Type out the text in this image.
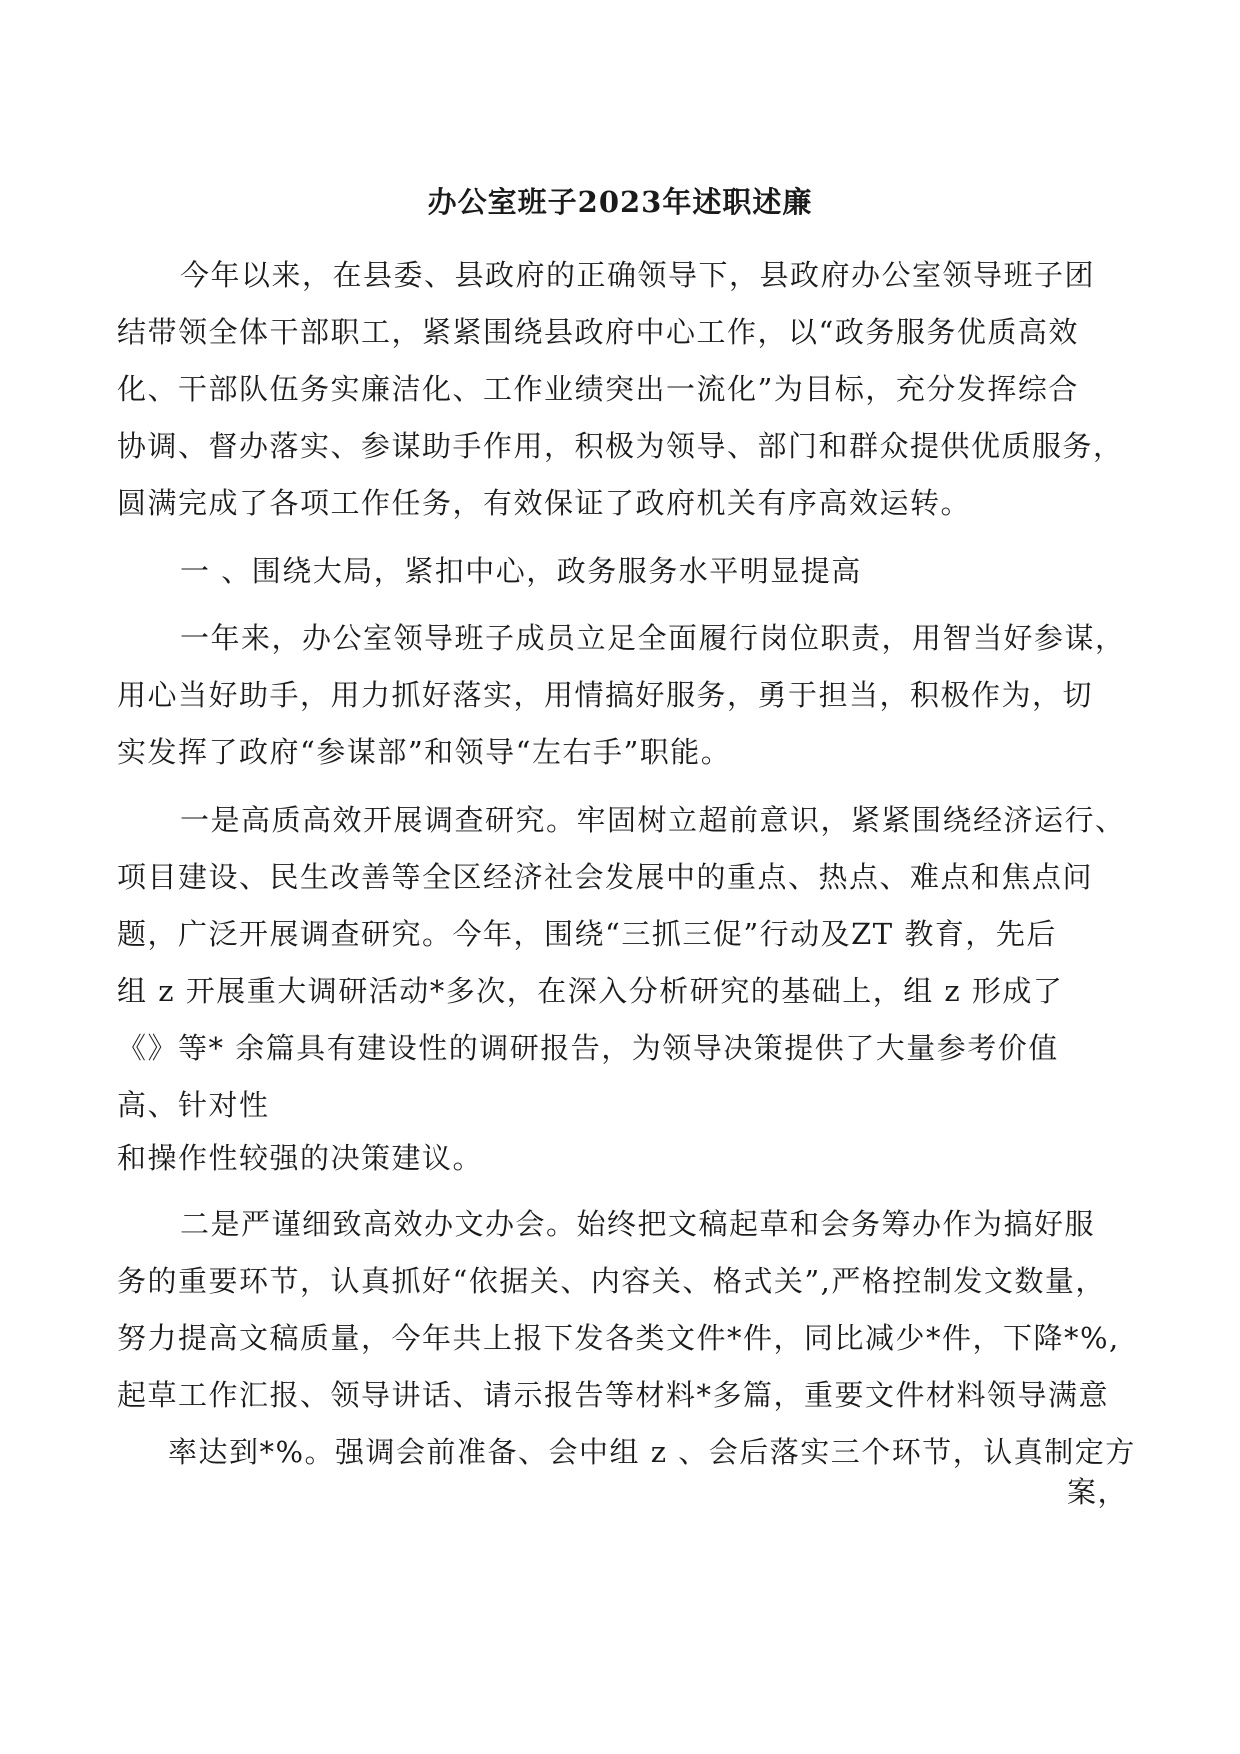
办公室班子2023年述职述廉
今年以来，在县委、县政府的正确领导下，县政府办公室领导班子团
结带领全体干部职工，紧紧围绕县政府中心工作，以“政务服务优质高效
化、干部队伍务实廉洁化、工作业绩突出一流化”为目标，充分发挥综合
协调、督办落实、参谋助手作用，积极为领导、部门和群众提供优质服务，
圆满完成了各项工作任务，有效保证了政府机关有序高效运转。
一 、围绕大局，紧扣中心，政务服务水平明显提高
一年来，办公室领导班子成员立足全面履行岗位职责，用智当好参谋，
用心当好助手，用力抓好落实，用情搞好服务，勇于担当，积极作为，切
实发挥了政府“参谋部”和领导“左右手”职能。
一是高质高效开展调查研究。牢固树立超前意识，紧紧围绕经济运行、
项目建设、民生改善等全区经济社会发展中的重点、热点、难点和焦点问
题，广泛开展调查研究。今年，围绕“三抓三促”行动及ZT 教育，先后
组 z 开展重大调研活动*多次，在深入分析研究的基础上，组 z 形成了
《》等* 余篇具有建设性的调研报告，为领导决策提供了大量参考价值
高、针对性
和操作性较强的决策建议。
二是严谨细致高效办文办会。始终把文稿起草和会务筹办作为搞好服
务的重要环节，认真抓好“依据关、内容关、格式关”,严格控制发文数量，
努力提高文稿质量，今年共上报下发各类文件*件，同比减少*件，下降*%,
起草工作汇报、领导讲话、请示报告等材料*多篇，重要文件材料领导满意
率达到*%。强调会前准备、会中组 z 、会后落实三个环节，认真制定方
案，
